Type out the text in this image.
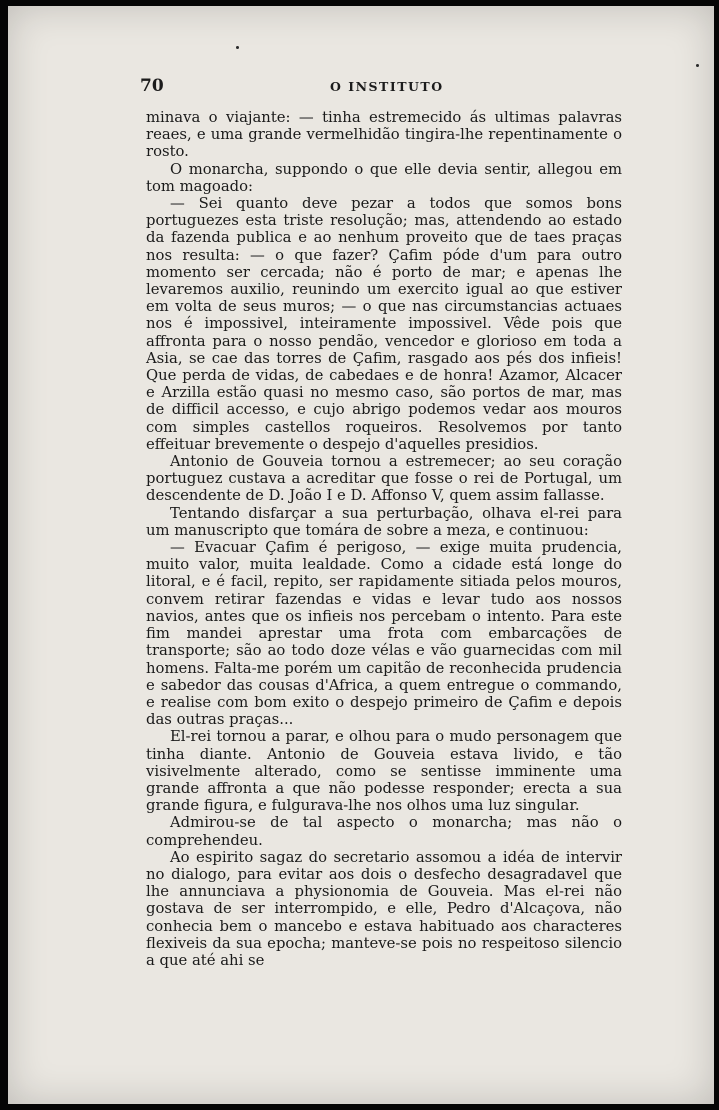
70	O INSTITUTO

minava o viajante: — tinha estremecido ás ultimas palavras reaes, e uma grande vermelhidão tingira-lhe repentinamente o rosto.

O monarcha, suppondo o que elle devia sentir, allegou em tom magoado:

— Sei quanto deve pezar a todos que somos bons portuguezes esta triste resolução; mas, attendendo ao estado da fazenda publica e ao nenhum proveito que de taes praças nos resulta: — o que fazer? Çafim póde d'um para outro momento ser cercada; não é porto de mar; e apenas lhe levaremos auxilio, reunindo um exercito igual ao que estiver em volta de seus muros; — o que nas circumstancias actuaes nos é impossivel, inteiramente impossivel. Vêde pois que affronta para o nosso pendão, vencedor e glorioso em toda a Asia, se cae das torres de Çafim, rasgado aos pés dos infieis! Que perda de vidas, de cabedaes e de honra! Azamor, Alcacer e Arzilla estão quasi no mesmo caso, são portos de mar, mas de difficil accesso, e cujo abrigo podemos vedar aos mouros com simples castellos roqueiros. Resolvemos por tanto effeituar brevemente o despejo d'aquelles presidios.

Antonio de Gouveia tornou a estremecer; ao seu coração portuguez custava a acreditar que fosse o rei de Portugal, um descendente de D. João I e D. Affonso V, quem assim fallasse.

Tentando disfarçar a sua perturbação, olhava el-rei para um manuscripto que tomára de sobre a meza, e continuou:

— Evacuar Çafim é perigoso, — exige muita prudencia, muito valor, muita lealdade. Como a cidade está longe do litoral, e é facil, repito, ser rapidamente sitiada pelos mouros, convem retirar fazendas e vidas e levar tudo aos nossos navios, antes que os infieis nos percebam o intento. Para este fim mandei aprestar uma frota com embarcações de transporte; são ao todo doze vélas e vão guarnecidas com mil homens. Falta-me porém um capitão de reconhecida prudencia e sabedor das cousas d'Africa, a quem entregue o commando, e realise com bom exito o despejo primeiro de Çafim e depois das outras praças...

El-rei tornou a parar, e olhou para o mudo personagem que tinha diante. Antonio de Gouveia estava livido, e tão visivelmente alterado, como se sentisse imminente uma grande affronta a que não podesse responder; erecta a sua grande figura, e fulgurava-lhe nos olhos uma luz singular.

Admirou-se de tal aspecto o monarcha; mas não o comprehendeu.

Ao espirito sagaz do secretario assomou a idéa de intervir no dialogo, para evitar aos dois o desfecho desagradavel que lhe annunciava a physionomia de Gouveia. Mas el-rei não gostava de ser interrompido, e elle, Pedro d'Alcaçova, não conhecia bem o mancebo e estava habituado aos characteres flexiveis da sua epocha; manteve-se pois no respeitoso silencio a que até ahi se
